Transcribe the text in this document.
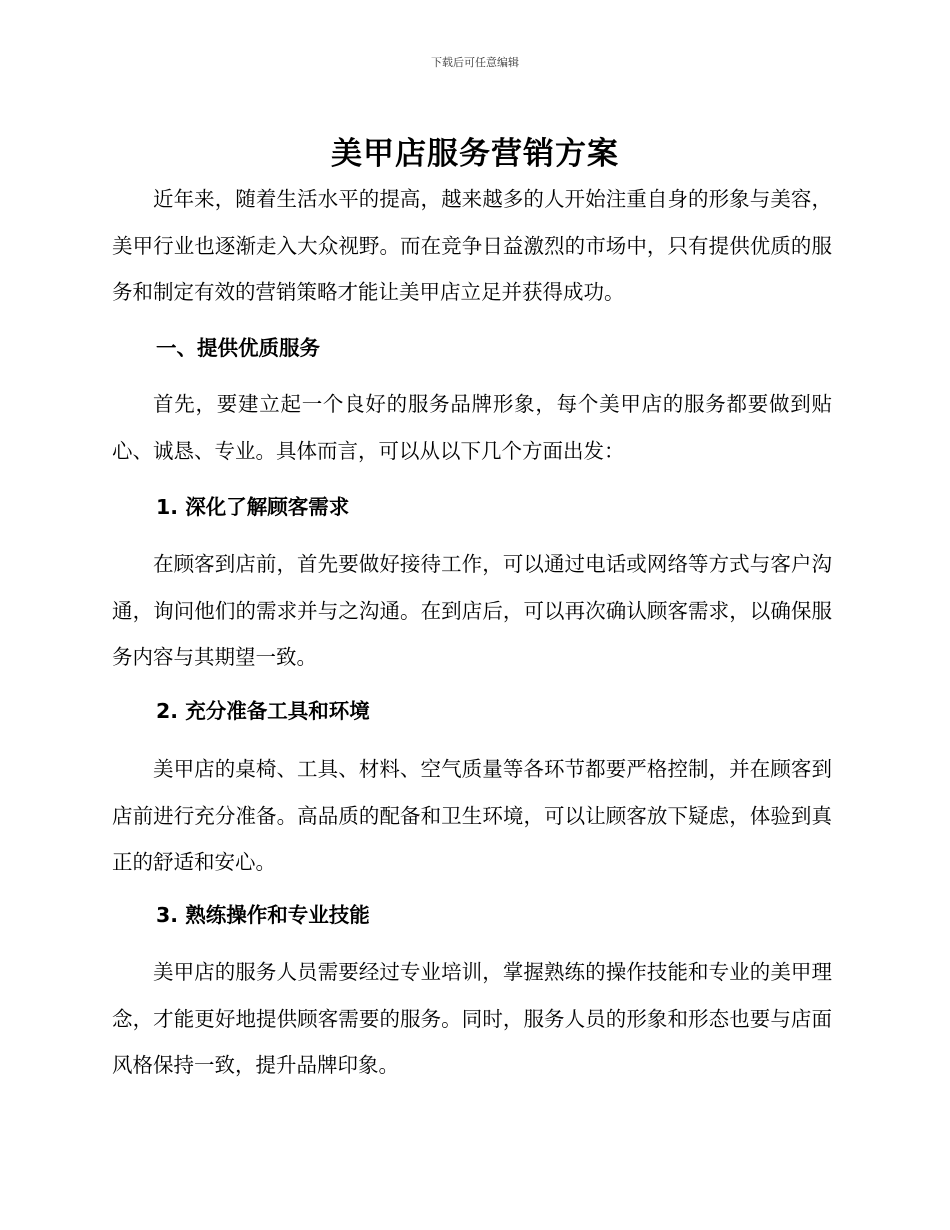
下载后可任意编辑
美甲店服务营销方案

近年来，随着生活水平的提高，越来越多的人开始注重自身的形象与美容，美甲行业也逐渐走入大众视野。而在竞争日益激烈的市场中，只有提供优质的服务和制定有效的营销策略才能让美甲店立足并获得成功。

一、提供优质服务

首先，要建立起一个良好的服务品牌形象，每个美甲店的服务都要做到贴心、诚恳、专业。具体而言，可以从以下几个方面出发：

1. 深化了解顾客需求

在顾客到店前，首先要做好接待工作，可以通过电话或网络等方式与客户沟通，询问他们的需求并与之沟通。在到店后，可以再次确认顾客需求，以确保服务内容与其期望一致。

2. 充分准备工具和环境

美甲店的桌椅、工具、材料、空气质量等各环节都要严格控制，并在顾客到店前进行充分准备。高品质的配备和卫生环境，可以让顾客放下疑虑，体验到真正的舒适和安心。

3. 熟练操作和专业技能

美甲店的服务人员需要经过专业培训，掌握熟练的操作技能和专业的美甲理念，才能更好地提供顾客需要的服务。同时，服务人员的形象和形态也要与店面风格保持一致，提升品牌印象。
